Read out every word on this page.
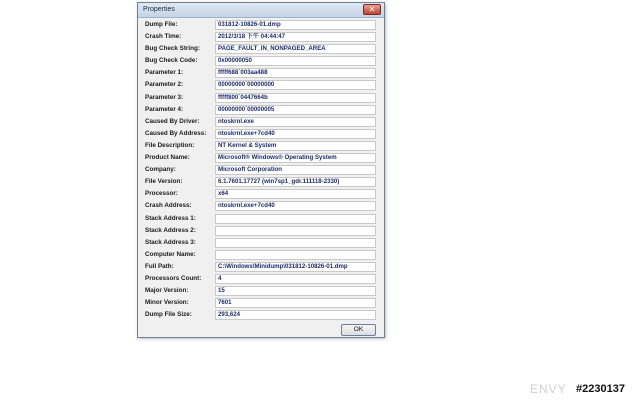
Properties	✕
Dump File:	031812-10826-01.dmp
Crash Time:	2012/3/18 下午 04:44:47
Bug Check String:	PAGE_FAULT_IN_NONPAGED_AREA
Bug Check Code:	0x00000050
Parameter 1:	fffff688`003aa488
Parameter 2:	00000000`00000000
Parameter 3:	fffff800`0447664b
Parameter 4:	00000000`00000005
Caused By Driver:	ntoskrnl.exe
Caused By Address:	ntoskrnl.exe+7cd40
File Description:	NT Kernel & System
Product Name:	Microsoft® Windows® Operating System
Company:	Microsoft Corporation
File Version:	6.1.7601.17727 (win7sp1_gdr.111118-2330)
Processor:	x64
Crash Address:	ntoskrnl.exe+7cd40
Stack Address 1:
Stack Address 2:
Stack Address 3:
Computer Name:
Full Path:	C:\Windows\Minidump\031812-10826-01.dmp
Processors Count:	4
Major Version:	15
Minor Version:	7601
Dump File Size:	293,624
OK
ENVY #2230137
